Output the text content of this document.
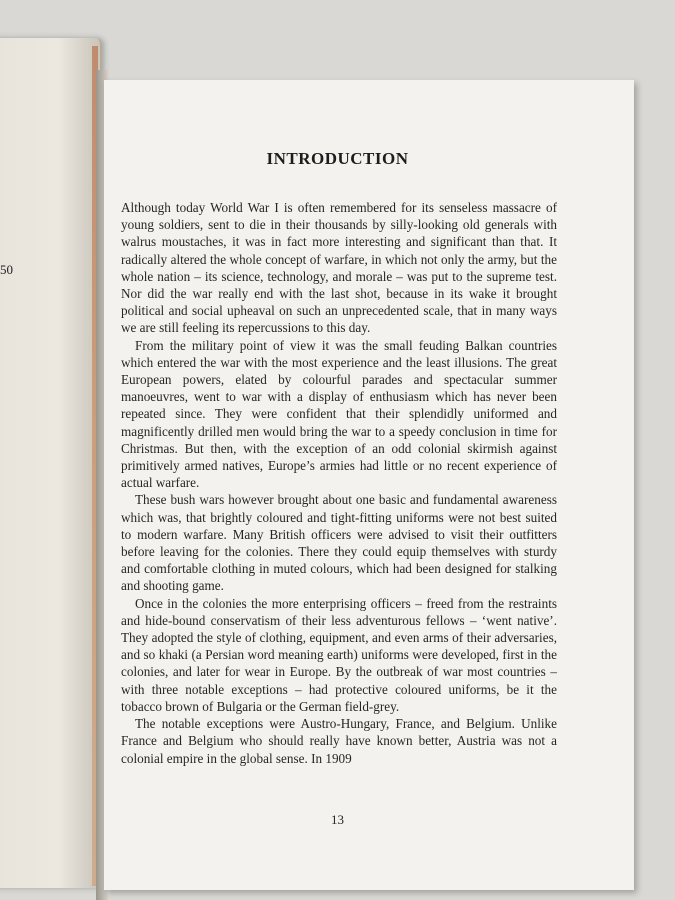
50
INTRODUCTION

Although today World War I is often remembered for its senseless massacre of young soldiers, sent to die in their thousands by silly-looking old generals with walrus moustaches, it was in fact more interesting and significant than that. It radically altered the whole concept of warfare, in which not only the army, but the whole nation – its science, technology, and morale – was put to the supreme test. Nor did the war really end with the last shot, because in its wake it brought political and social upheaval on such an unprecedented scale, that in many ways we are still feeling its repercussions to this day.

From the military point of view it was the small feuding Balkan countries which entered the war with the most experience and the least illusions. The great European powers, elated by colourful parades and spectacular summer manoeuvres, went to war with a display of enthusiasm which has never been repeated since. They were confident that their splendidly uniformed and magnificently drilled men would bring the war to a speedy conclusion in time for Christmas. But then, with the exception of an odd colonial skirmish against primitively armed natives, Europe’s armies had little or no recent experience of actual warfare.

These bush wars however brought about one basic and fundamental awareness which was, that brightly coloured and tight-fitting uniforms were not best suited to modern warfare. Many British officers were advised to visit their outfitters before leaving for the colonies. There they could equip themselves with sturdy and comfortable clothing in muted colours, which had been designed for stalking and shooting game.

Once in the colonies the more enterprising officers – freed from the restraints and hide-bound conservatism of their less adventurous fellows – ‘went native’. They adopted the style of clothing, equipment, and even arms of their adversaries, and so khaki (a Persian word meaning earth) uniforms were developed, first in the colonies, and later for wear in Europe. By the outbreak of war most countries – with three notable exceptions – had protective coloured uniforms, be it the tobacco brown of Bulgaria or the German field-grey.

The notable exceptions were Austro-Hungary, France, and Belgium. Unlike France and Belgium who should really have known better, Austria was not a colonial empire in the global sense. In 1909

13
